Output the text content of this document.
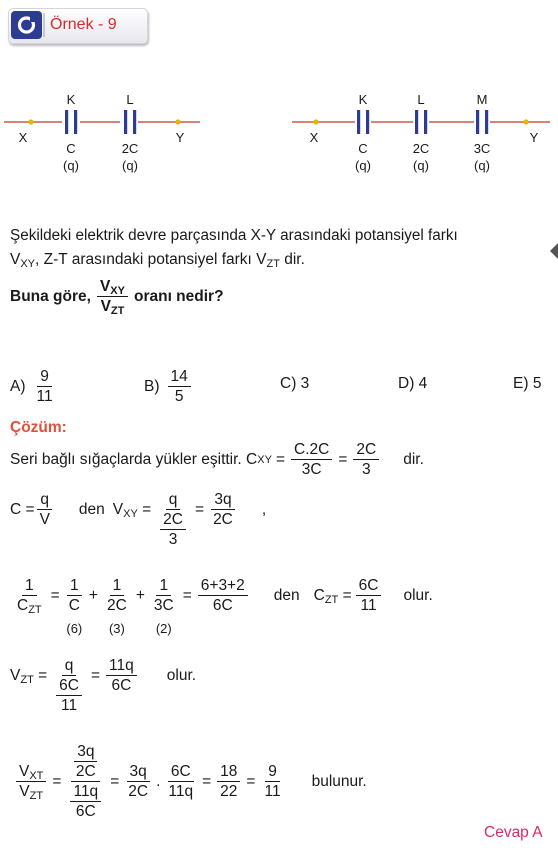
Örnek - 9
K	L
X	Y
C	2C
(q)	(q)
K	L	M
X	Y
C	2C	3C
(q)	(q)	(q)
Şekildeki elektrik devre parçasında X-Y arasındaki potansiyel farkı
$V_{XY}$, Z-T arasındaki potansiyel farkı $V_{ZT}$ dir.
Buna göre, $\frac{V_{XY}}{V_{ZT}}$ oranı nedir?
$A) \frac{9}{11}$	$B) \frac{14}{5}$	C) 3	D) 4	E) 5
Çözüm:
Seri bağlı sığaçlarda yükler eşittir. C XY = $\frac{C.2C}{3C} = \frac{2C}{3}$ dir.
$C = \frac{q}{V}$ den $V_{XY} = q$
2C
$3 = \frac{3q}{2C}$ ,
$\frac{1}{C_{ZT}} = \frac{1}{C}$
(6)
+ $\frac{1}{2C}$
(3)
+ $\frac{1}{3C}$
(2)
= $\frac{6+3+2}{6C}$ den $C_{ZT} = \frac{6C}{11}$ olur.
$V_{ZT} = q$
6C
$11 = \frac{11q}{6C}$ olur.
$\frac{V_{XT}}{V_{ZT}} = 3q$
2C
11q
$6C = \frac{3q}{2C}$ . $\frac{6C}{11q} = \frac{18}{22} = \frac{9}{11}$ bulunur.
Cevap A
